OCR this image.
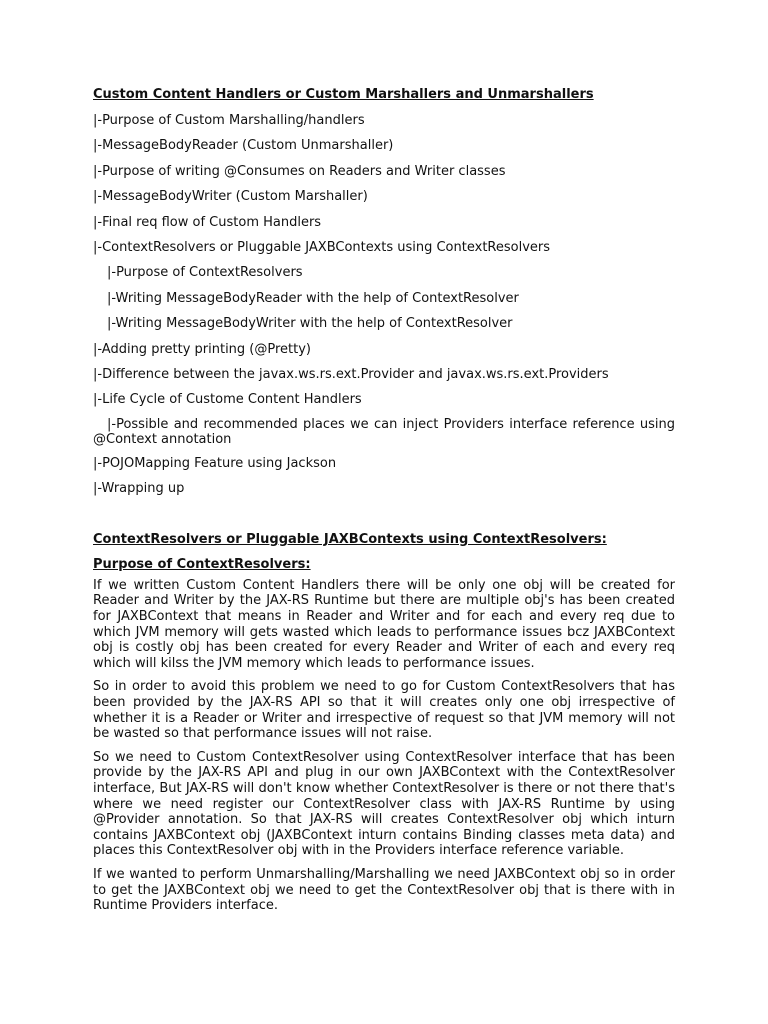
Custom Content Handlers or Custom Marshallers and Unmarshallers

|-Purpose of Custom Marshalling/handlers
|-MessageBodyReader (Custom Unmarshaller)
|-Purpose of writing @Consumes on Readers and Writer classes
|-MessageBodyWriter (Custom Marshaller)
|-Final req flow of Custom Handlers
|-ContextResolvers or Pluggable JAXBContexts using ContextResolvers
|-Purpose of ContextResolvers
|-Writing MessageBodyReader with the help of ContextResolver
|-Writing MessageBodyWriter with the help of ContextResolver
|-Adding pretty printing (@Pretty)
|-Difference between the javax.ws.rs.ext.Provider and javax.ws.rs.ext.Providers
|-Life Cycle of Custome Content Handlers
|-Possible and recommended places we can inject Providers interface reference using @Context annotation
|-POJOMapping Feature using Jackson
|-Wrapping up

ContextResolvers or Pluggable JAXBContexts using ContextResolvers:

Purpose of ContextResolvers:

If we written Custom Content Handlers there will be only one obj will be created for Reader and Writer by the JAX-RS Runtime but there are multiple obj's has been created for JAXBContext that means in Reader and Writer and for each and every req due to which JVM memory will gets wasted which leads to performance issues bcz JAXBContext obj is costly obj has been created for every Reader and Writer of each and every req which will kilss the JVM memory which leads to performance issues.

So in order to avoid this problem we need to go for Custom ContextResolvers that has been provided by the JAX-RS API so that it will creates only one obj irrespective of whether it is a Reader or Writer and irrespective of request so that JVM memory will not be wasted so that performance issues will not raise.

So we need to Custom ContextResolver using ContextResolver interface that has been provide by the JAX-RS API and plug in our own JAXBContext with the ContextResolver interface, But JAX-RS will don't know whether ContextResolver is there or not there that's where we need register our ContextResolver class with JAX-RS Runtime by using @Provider annotation. So that JAX-RS will creates ContextResolver obj which inturn contains JAXBContext obj (JAXBContext inturn contains Binding classes meta data) and places this ContextResolver obj with in the Providers interface reference variable.

If we wanted to perform Unmarshalling/Marshalling we need JAXBContext obj so in order to get the JAXBContext obj we need to get the ContextResolver obj that is there with in Runtime Providers interface.
